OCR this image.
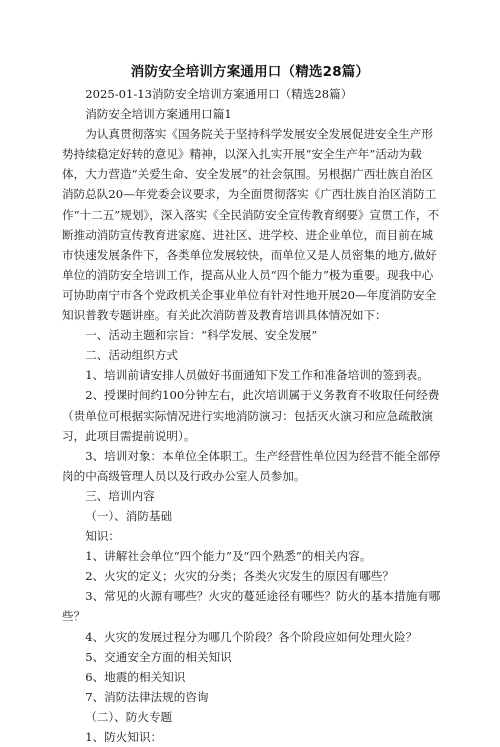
消防安全培训方案通用口（精选28篇）

2025-01-13消防安全培训方案通用口（精选28篇）

消防安全培训方案通用口篇1

为认真贯彻落实《国务院关于坚持科学发展安全发展促进安全生产形势持续稳定好转的意见》精神，以深入扎实开展“安全生产年”活动为载体，大力营造“关爱生命、安全发展”的社会氛围。另根据广西壮族自治区消防总队20—年党委会议要求，为全面贯彻落实《广西壮族自治区消防工作“十二五”规划》，深入落实《全民消防安全宣传教育纲要》宣贯工作，不断推动消防宣传教育进家庭、进社区、进学校、进企业单位，而目前在城市快速发展条件下，各类单位发展较快，而单位又是人员密集的地方,做好单位的消防安全培训工作，提高从业人员“四个能力”极为重要。现我中心可协助南宁市各个党政机关企事业单位有针对性地开展20—年度消防安全知识普教专题讲座。有关此次消防普及教育培训具体情况如下：

一、活动主题和宗旨：“科学发展、安全发展”

二、活动组织方式

1、培训前请安排人员做好书面通知下发工作和准备培训的签到表。

2、授课时间约100分钟左右，此次培训属于义务教育不收取任何经费（贵单位可根据实际情况进行实地消防演习：包括灭火演习和应急疏散演习，此项目需提前说明）。

3、培训对象：本单位全体职工。生产经营性单位因为经营不能全部停岗的中高级管理人员以及行政办公室人员参加。

三、培训内容

（一）、消防基础

知识：

1、讲解社会单位“四个能力”及“四个熟悉”的相关内容。

2、火灾的定义；火灾的分类；各类火灾发生的原因有哪些？

3、常见的火源有哪些？火灾的蔓延途径有哪些？防火的基本措施有哪些？

4、火灾的发展过程分为哪几个阶段？各个阶段应如何处理火险？

5、交通安全方面的相关知识

6、地震的相关知识

7、消防法律法规的咨询

（二）、防火专题

1、防火知识：
